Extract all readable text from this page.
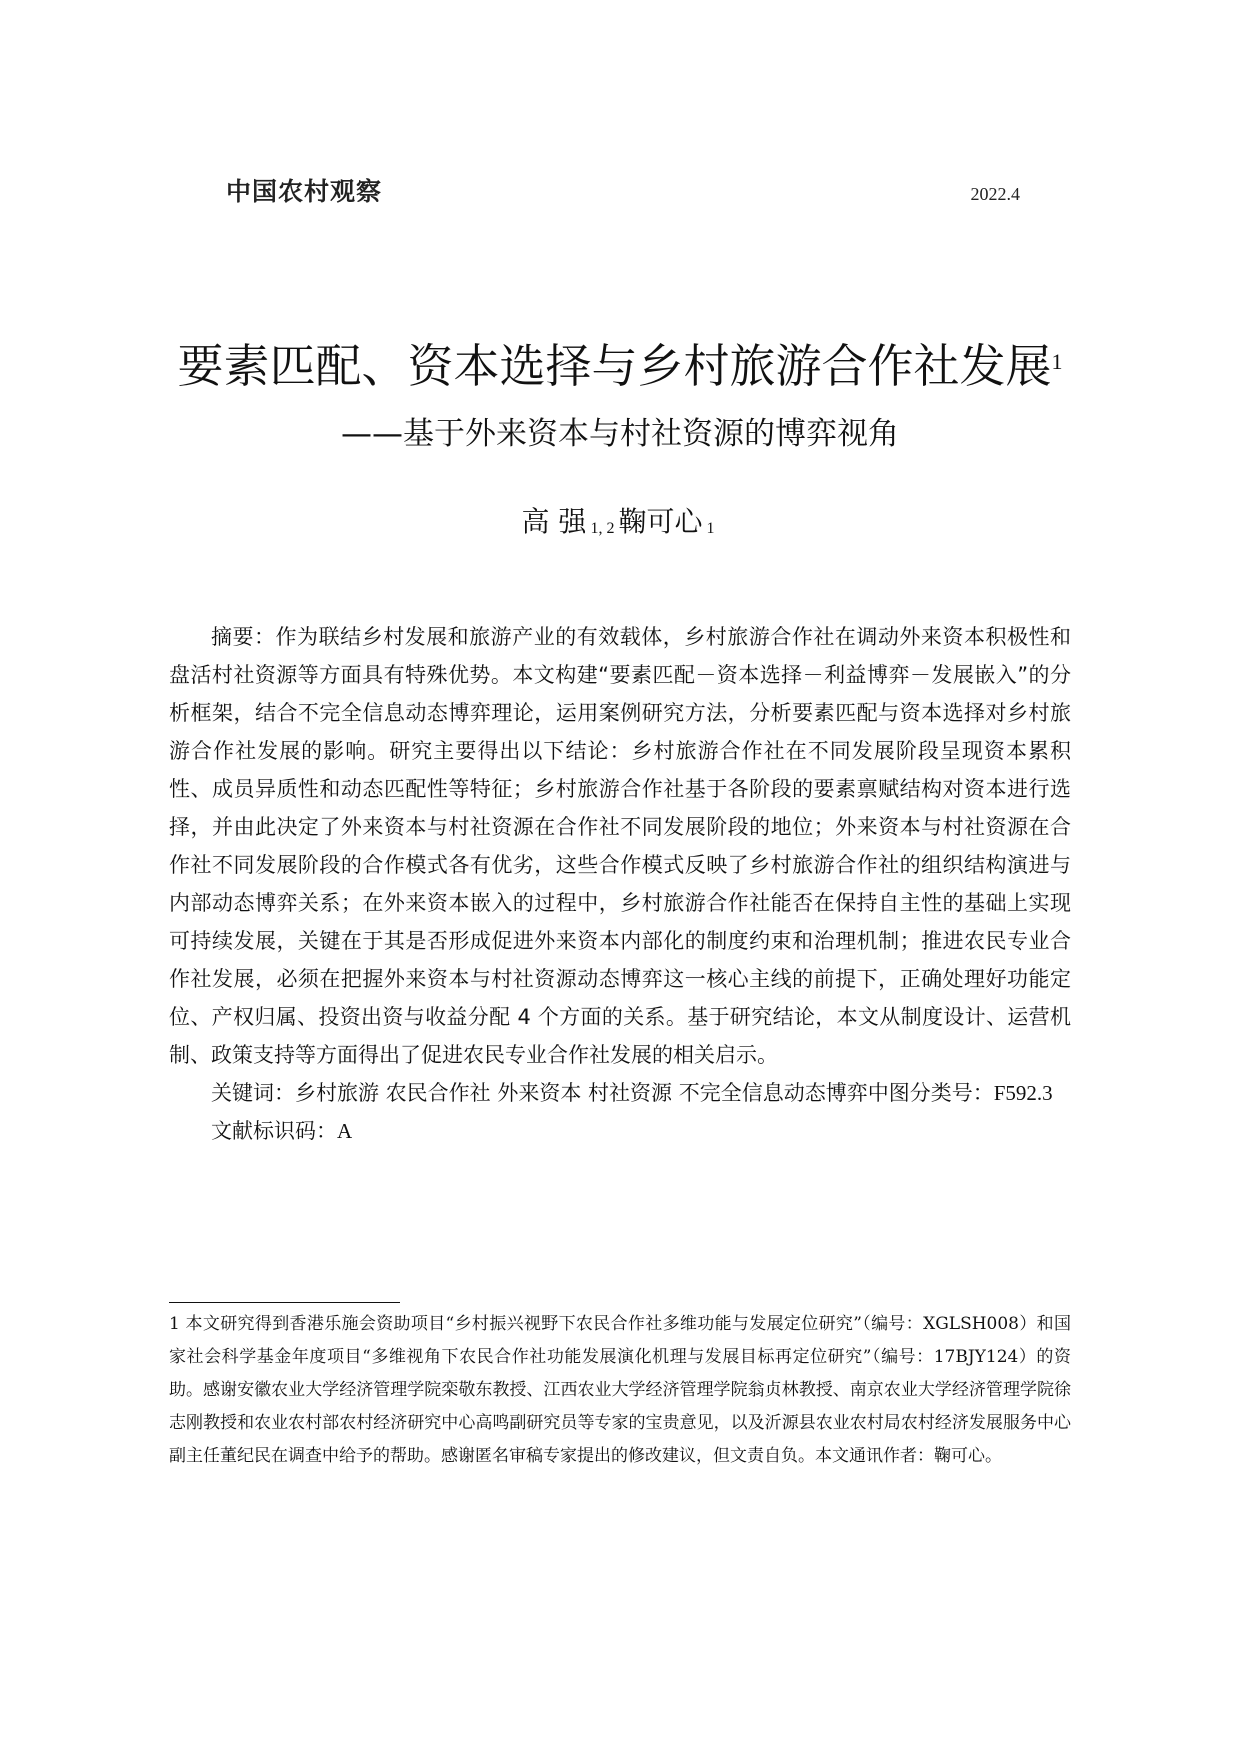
中国农村观察	2022.4
要素匹配、资本选择与乡村旅游合作社发展$^1$
——基于外来资本与村社资源的博弈视角
高 强 1, 2 鞠可心 1

摘要：作为联结乡村发展和旅游产业的有效载体，乡村旅游合作社在调动外来资本积极性和盘活村社资源等方面具有特殊优势。本文构建“要素匹配－资本选择－利益博弈－发展嵌入”的分析框架，结合不完全信息动态博弈理论，运用案例研究方法，分析要素匹配与资本选择对乡村旅游合作社发展的影响。研究主要得出以下结论：乡村旅游合作社在不同发展阶段呈现资本累积性、成员异质性和动态匹配性等特征；乡村旅游合作社基于各阶段的要素禀赋结构对资本进行选择，并由此决定了外来资本与村社资源在合作社不同发展阶段的地位；外来资本与村社资源在合作社不同发展阶段的合作模式各有优劣，这些合作模式反映了乡村旅游合作社的组织结构演进与内部动态博弈关系；在外来资本嵌入的过程中，乡村旅游合作社能否在保持自主性的基础上实现可持续发展，关键在于其是否形成促进外来资本内部化的制度约束和治理机制；推进农民专业合作社发展，必须在把握外来资本与村社资源动态博弈这一核心主线的前提下，正确处理好功能定位、产权归属、投资出资与收益分配 4 个方面的关系。基于研究结论，本文从制度设计、运营机制、政策支持等方面得出了促进农民专业合作社发展的相关启示。

关键词：乡村旅游 农民合作社 外来资本 村社资源 不完全信息动态博弈中图分类号：F592.3
文献标识码：A
1 本文研究得到香港乐施会资助项目“乡村振兴视野下农民合作社多维功能与发展定位研究”（编号：XGLSH008）和国家社会科学基金年度项目“多维视角下农民合作社功能发展演化机理与发展目标再定位研究”（编号：17BJY124）的资助。感谢安徽农业大学经济管理学院栾敬东教授、江西农业大学经济管理学院翁贞林教授、南京农业大学经济管理学院徐志刚教授和农业农村部农村经济研究中心高鸣副研究员等专家的宝贵意见，以及沂源县农业农村局农村经济发展服务中心副主任董纪民在调查中给予的帮助。感谢匿名审稿专家提出的修改建议，但文责自负。本文通讯作者：鞠可心。
